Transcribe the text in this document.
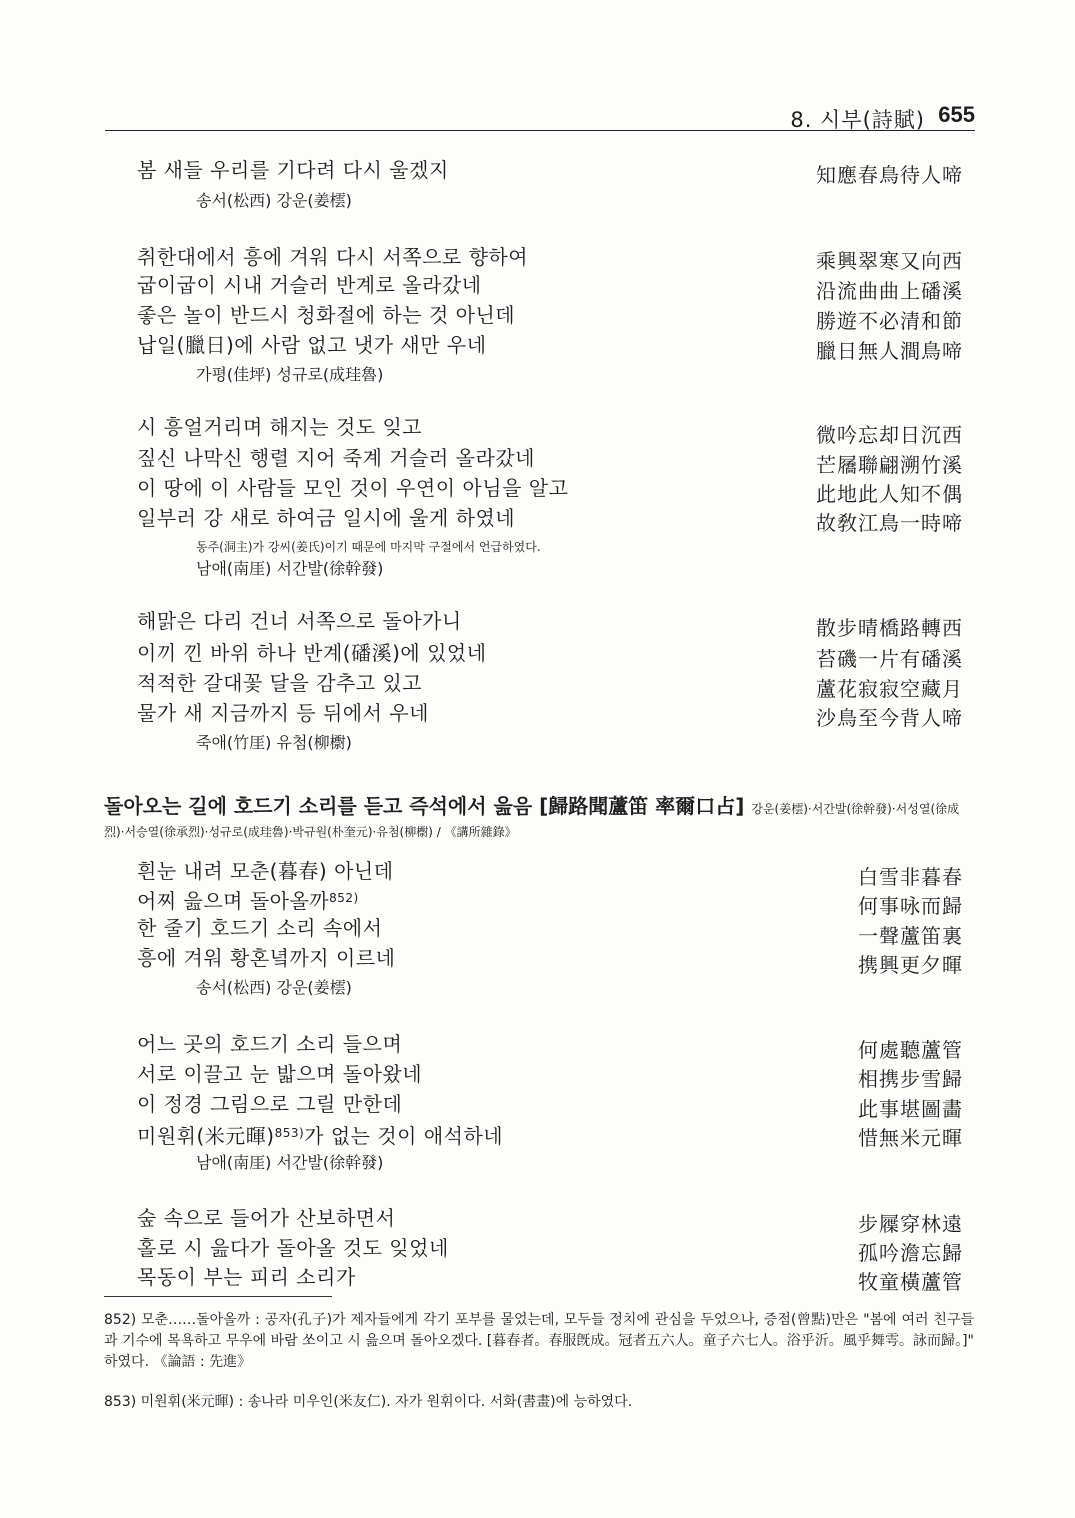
8. 시부(詩賦) 655
봄 새들 우리를 기다려 다시 울겠지	知應春鳥待人啼
송서(松西) 강운(姜橒)
취한대에서 흥에 겨워 다시 서쪽으로 향하여	乘興翠寒又向西
굽이굽이 시내 거슬러 반계로 올라갔네	沿流曲曲上磻溪
좋은 놀이 반드시 청화절에 하는 것 아닌데	勝遊不必清和節
납일(臘日)에 사람 없고 냇가 새만 우네	臘日無人澗鳥啼
가평(佳坪) 성규로(成珪魯)
시 흥얼거리며 해지는 것도 잊고	微吟忘却日沉西
짚신 나막신 행렬 지어 죽계 거슬러 올라갔네	芒屩聯翩溯竹溪
이 땅에 이 사람들 모인 것이 우연이 아님을 알고	此地此人知不偶
일부러 강 새로 하여금 일시에 울게 하였네	故敎江鳥一時啼
동주(洞主)가 강씨(姜氏)이기 때문에 마지막 구절에서 언급하였다.
남애(南厓) 서간발(徐幹發)
해맑은 다리 건너 서쪽으로 돌아가니	散步晴橋路轉西
이끼 낀 바위 하나 반계(磻溪)에 있었네	苔磯一片有磻溪
적적한 갈대꽃 달을 감추고 있고	蘆花寂寂空藏月
물가 새 지금까지 등 뒤에서 우네	沙鳥至今背人啼
죽애(竹厓) 유첨(柳㯹)
돌아오는 길에 호드기 소리를 듣고 즉석에서 읊음 [歸路聞蘆笛 率爾口占] 강운(姜橒)·서간발(徐幹發)·서성열(徐成
烈)·서승열(徐承烈)·성규로(成珪魯)·박규원(朴奎元)·유첨(柳㯹) / 《講所雜錄》
흰눈 내려 모춘(暮春) 아닌데	白雪非暮春
어찌 읊으며 돌아올까$^{852)}$	何事咏而歸
한 줄기 호드기 소리 속에서	一聲蘆笛裏
흥에 겨워 황혼녘까지 이르네	携興更夕暉
송서(松西) 강운(姜橒)
어느 곳의 호드기 소리 들으며	何處聽蘆管
서로 이끌고 눈 밟으며 돌아왔네	相携步雪歸
이 정경 그림으로 그릴 만한데	此事堪圖畵
미원휘(米元暉)$^{853)}$가 없는 것이 애석하네	惜無米元暉
남애(南厓) 서간발(徐幹發)
숲 속으로 들어가 산보하면서	步屧穿林遠
홀로 시 읊다가 돌아올 것도 잊었네	孤吟澹忘歸
목동이 부는 피리 소리가	牧童橫蘆管
852) 모춘……돌아올까 : 공자(孔子)가 제자들에게 각기 포부를 물었는데, 모두들 정치에 관심을 두었으나, 증점(曾點)만은 "봄에 여러 친구들과 기수에 목욕하고 무우에 바람 쏘이고 시 읊으며 돌아오겠다. [暮春者。春服旣成。冠者五六人。童子六七人。浴乎沂。風乎舞雩。詠而歸。]" 하였다. 《論語 : 先進》
853) 미원휘(米元暉) : 송나라 미우인(米友仁). 자가 원휘이다. 서화(書畫)에 능하였다.
